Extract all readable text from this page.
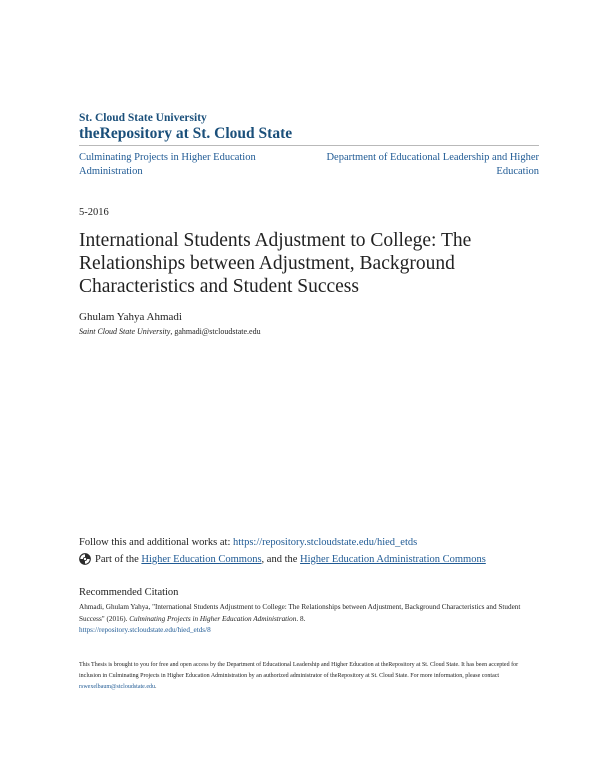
St. Cloud State University
theRepository at St. Cloud State
Culminating Projects in Higher Education Administration
Department of Educational Leadership and Higher Education
5-2016
International Students Adjustment to College: The Relationships between Adjustment, Background Characteristics and Student Success
Ghulam Yahya Ahmadi
Saint Cloud State University, gahmadi@stcloudstate.edu
Follow this and additional works at: https://repository.stcloudstate.edu/hied_etds
Part of the
Higher Education Commons , and the
Higher Education Administration Commons
Recommended Citation
Ahmadi, Ghulam Yahya, "International Students Adjustment to College: The Relationships between Adjustment, Background Characteristics and Student Success" (2016). Culminating Projects in Higher Education Administration. 8.
https://repository.stcloudstate.edu/hied_etds/8
This Thesis is brought to you for free and open access by the Department of Educational Leadership and Higher Education at theRepository at St. Cloud State. It has been accepted for inclusion in Culminating Projects in Higher Education Administration by an authorized administrator of theRepository at St. Cloud State. For more information, please contact rswexelbaum@stcloudstate.edu.
